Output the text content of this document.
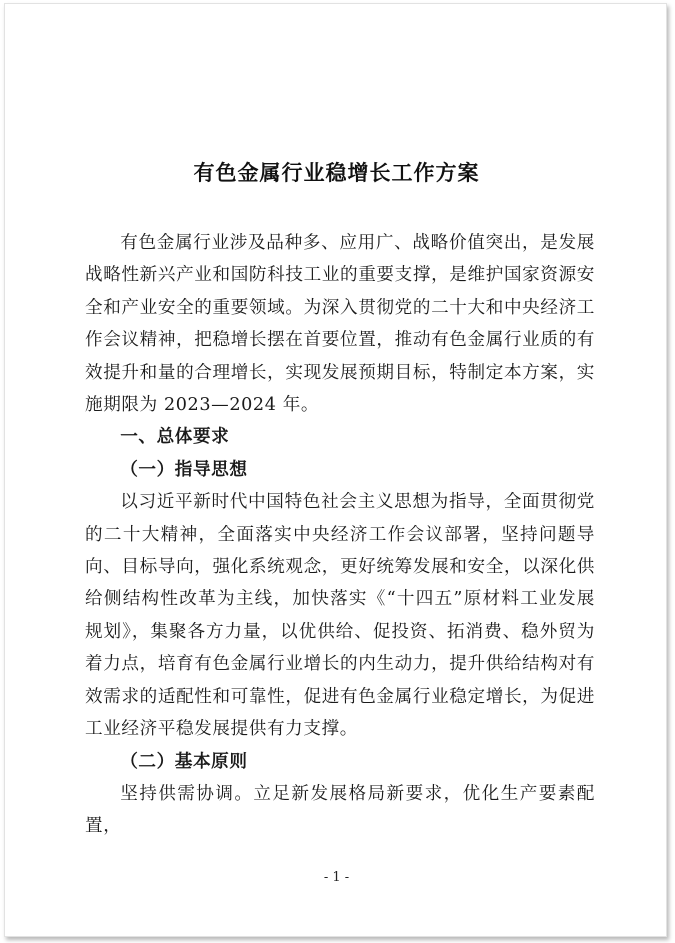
有色金属行业稳增长工作方案

有色金属行业涉及品种多、应用广、战略价值突出，是发展战略性新兴产业和国防科技工业的重要支撑，是维护国家资源安全和产业安全的重要领域。为深入贯彻党的二十大和中央经济工作会议精神，把稳增长摆在首要位置，推动有色金属行业质的有效提升和量的合理增长，实现发展预期目标，特制定本方案，实施期限为 2023—2024 年。

一、总体要求

（一）指导思想

以习近平新时代中国特色社会主义思想为指导，全面贯彻党的二十大精神，全面落实中央经济工作会议部署，坚持问题导向、目标导向，强化系统观念，更好统筹发展和安全，以深化供给侧结构性改革为主线，加快落实《“十四五”原材料工业发展规划》，集聚各方力量，以优供给、促投资、拓消费、稳外贸为着力点，培育有色金属行业增长的内生动力，提升供给结构对有效需求的适配性和可靠性，促进有色金属行业稳定增长，为促进工业经济平稳发展提供有力支撑。

（二）基本原则

坚持供需协调。立足新发展格局新要求，优化生产要素配置，

- 1 -
